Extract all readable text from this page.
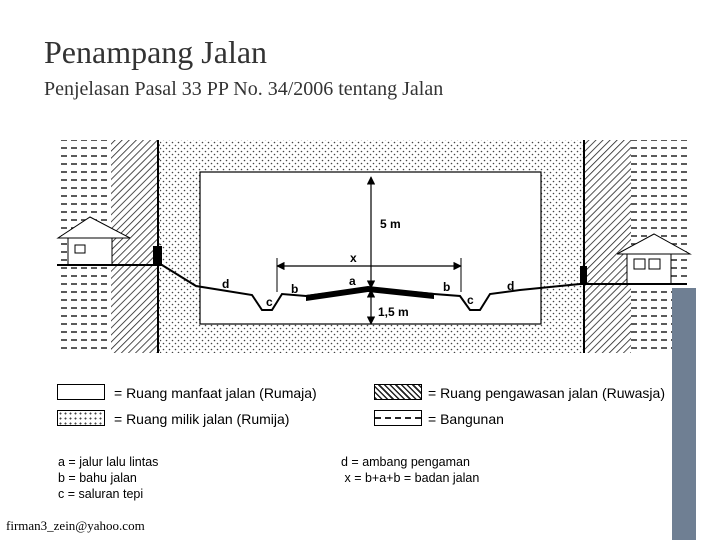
Penampang Jalan
Penjelasan Pasal 33 PP No. 34/2006 tentang Jalan
5 m
x
1,5 m
a
b	b
c	c
d	d
= Ruang manfaat jalan (Rumaja)	= Ruang pengawasan jalan (Ruwasja)
= Ruang milik jalan (Rumija)	= Bangunan
a = jalur lalu lintas
b = bahu jalan
c = saluran tepi
d = ambang pengaman
x = b+a+b = badan jalan
firman3_zein@yahoo.com
